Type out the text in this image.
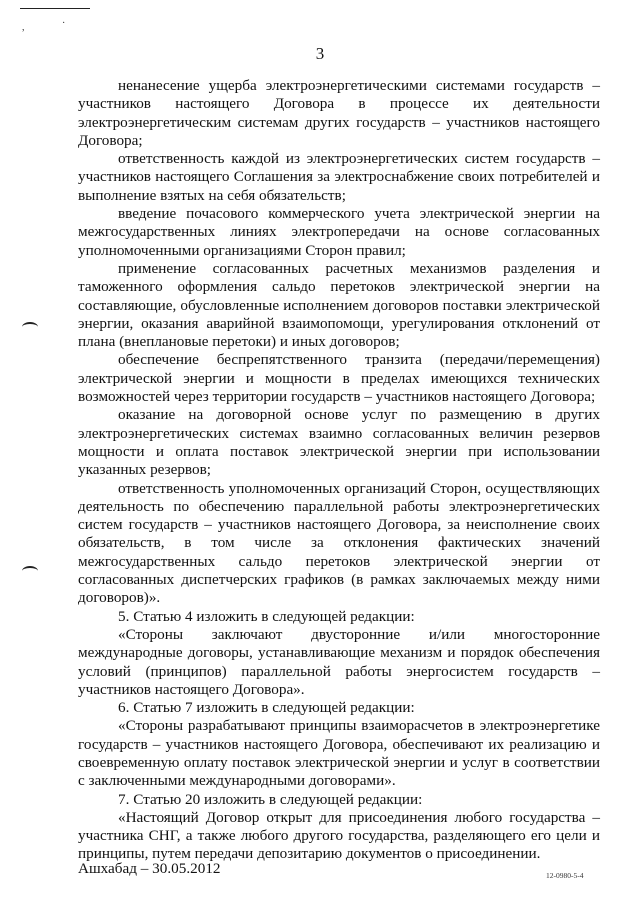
,	·
3

ненанесение ущерба электроэнергетическими системами государств – участников настоящего Договора в процессе их деятельности электроэнергетическим системам других государств – участников настоящего Договора;

ответственность каждой из электроэнергетических систем государств – участников настоящего Соглашения за электроснабжение своих потребителей и выполнение взятых на себя обязательств;

введение почасового коммерческого учета электрической энергии на межгосударственных линиях электропередачи на основе согласованных уполномоченными организациями Сторон правил;

применение согласованных расчетных механизмов разделения и таможенного оформления сальдо перетоков электрической энергии на составляющие, обусловленные исполнением договоров поставки электрической энергии, оказания аварийной взаимопомощи, урегулирования отклонений от плана (внеплановые перетоки) и иных договоров;

обеспечение беспрепятственного транзита (передачи/перемещения) электрической энергии и мощности в пределах имеющихся технических возможностей через территории государств – участников настоящего Договора;

оказание на договорной основе услуг по размещению в других электроэнергетических системах взаимно согласованных величин резервов мощности и оплата поставок электрической энергии при использовании указанных резервов;

ответственность уполномоченных организаций Сторон, осуществляющих деятельность по обеспечению параллельной работы электроэнергетических систем государств – участников настоящего Договора, за неисполнение своих обязательств, в том числе за отклонения фактических значений межгосударственных сальдо перетоков электрической энергии от согласованных диспетчерских графиков (в рамках заключаемых между ними договоров)».

5. Статью 4 изложить в следующей редакции:

«Стороны заключают двусторонние и/или многосторонние международные договоры, устанавливающие механизм и порядок обеспечения условий (принципов) параллельной работы энергосистем государств – участников настоящего Договора».

6. Статью 7 изложить в следующей редакции:

«Стороны разрабатывают принципы взаиморасчетов в электроэнергетике государств – участников настоящего Договора, обеспечивают их реализацию и своевременную оплату поставок электрической энергии и услуг в соответствии с заключенными международными договорами».

7. Статью 20 изложить в следующей редакции:

«Настоящий Договор открыт для присоединения любого государства – участника СНГ, а также любого другого государства, разделяющего его цели и принципы, путем передачи депозитарию документов о присоединении.

Ашхабад – 30.05.2012	12-0980-5-4
